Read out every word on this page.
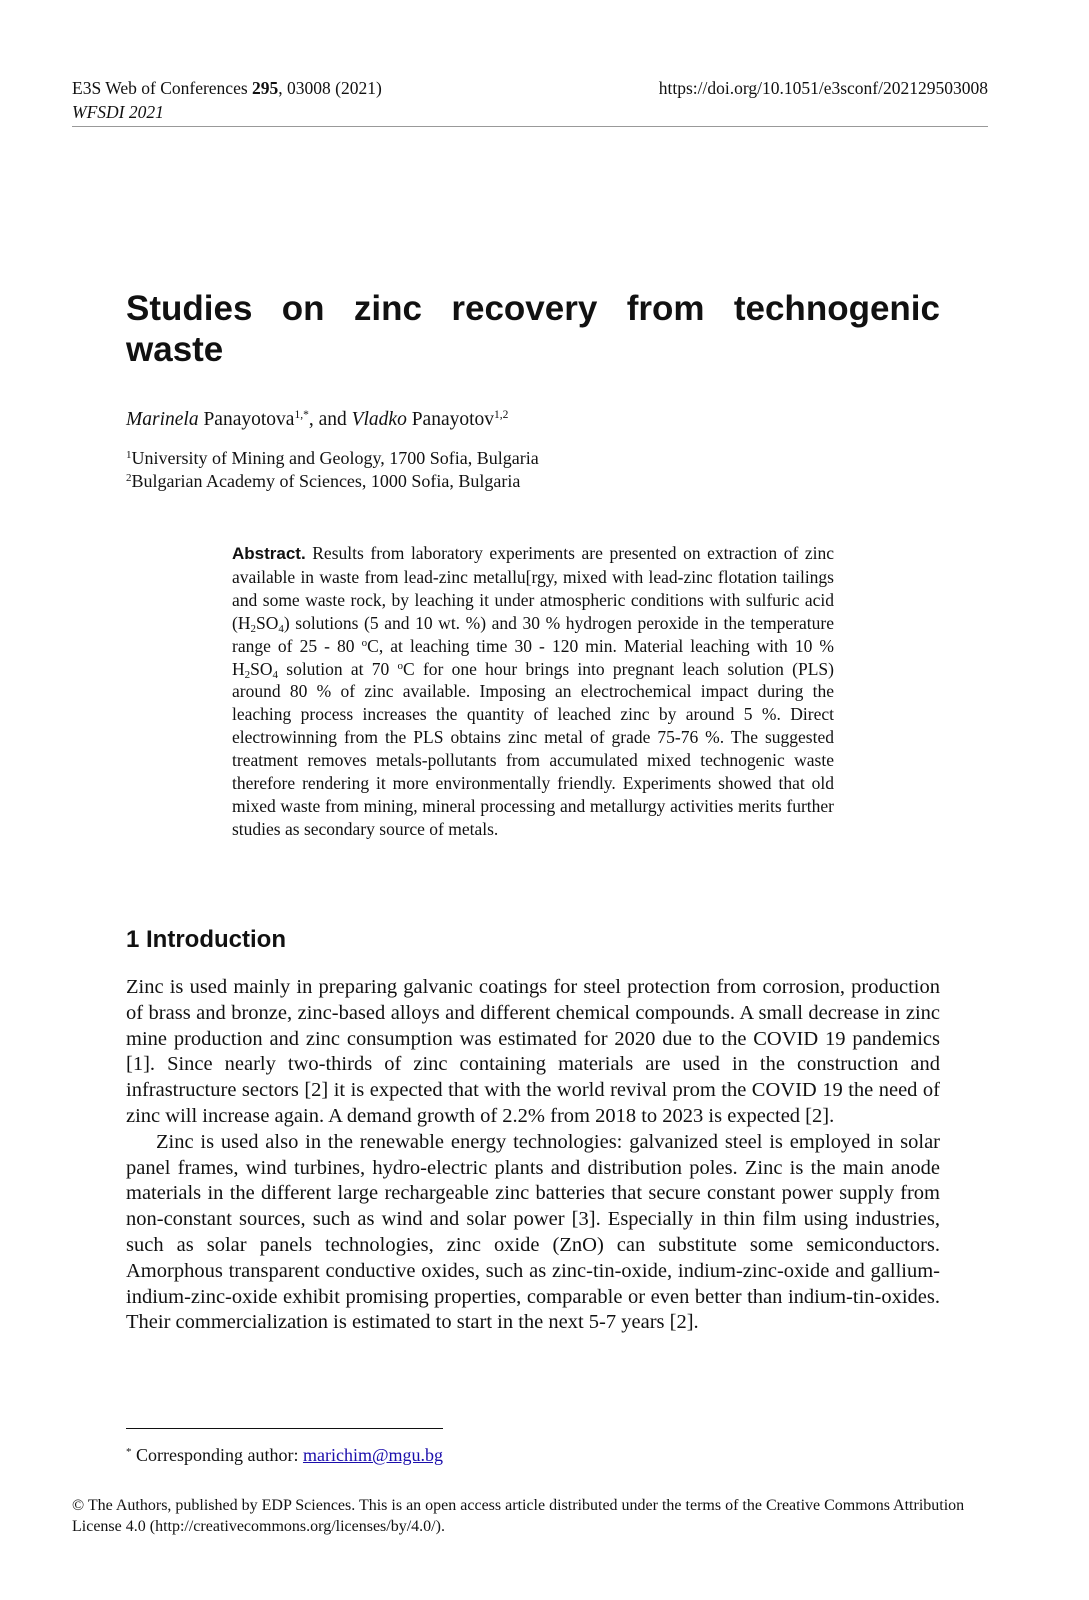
E3S Web of Conferences 295, 03008 (2021)
WFSDI 2021
https://doi.org/10.1051/e3sconf/202129503008
Studies on zinc recovery from technogenic waste
Marinela Panayotova$^{1,*}$, and Vladko Panayotov$^{1,2}$
$^1$University of Mining and Geology, 1700 Sofia, Bulgaria
$^2$Bulgarian Academy of Sciences, 1000 Sofia, Bulgaria
Abstract. Results from laboratory experiments are presented on extraction of zinc available in waste from lead-zinc metallu[rgy, mixed with lead-zinc flotation tailings and some waste rock, by leaching it under atmospheric conditions with sulfuric acid $(H_2SO_4)$ solutions (5 and 10 wt. %) and 30 % hydrogen peroxide in the temperature range of 25 - 80 $^o$C, at leaching time 30 - 120 min. Material leaching with 10 % $H_2SO_4$ solution at 70 $^o$C for one hour brings into pregnant leach solution (PLS) around 80 % of zinc available. Imposing an electrochemical impact during the leaching process increases the quantity of leached zinc by around 5 %. Direct electrowinning from the PLS obtains zinc metal of grade 75-76 %. The suggested treatment removes metals-pollutants from accumulated mixed technogenic waste therefore rendering it more environmentally friendly. Experiments showed that old mixed waste from mining, mineral processing and metallurgy activities merits further studies as secondary source of metals.
1 Introduction

Zinc is used mainly in preparing galvanic coatings for steel protection from corrosion, production of brass and bronze, zinc-based alloys and different chemical compounds. A small decrease in zinc mine production and zinc consumption was estimated for 2020 due to the COVID 19 pandemics [1]. Since nearly two-thirds of zinc containing materials are used in the construction and infrastructure sectors [2] it is expected that with the world revival prom the COVID 19 the need of zinc will increase again. A demand growth of 2.2% from 2018 to 2023 is expected [2].

Zinc is used also in the renewable energy technologies: galvanized steel is employed in solar panel frames, wind turbines, hydro-electric plants and distribution poles. Zinc is the main anode materials in the different large rechargeable zinc batteries that secure constant power supply from non-constant sources, such as wind and solar power [3]. Especially in thin film using industries, such as solar panels technologies, zinc oxide (ZnO) can substitute some semiconductors. Amorphous transparent conductive oxides, such as zinc-tin-oxide, indium-zinc-oxide and gallium-indium-zinc-oxide exhibit promising properties, comparable or even better than indium-tin-oxides. Their commercialization is estimated to start in the next 5-7 years [2].

* Corresponding author: marichim@mgu.bg
© The Authors, published by EDP Sciences. This is an open access article distributed under the terms of the Creative Commons Attribution License 4.0 (http://creativecommons.org/licenses/by/4.0/).
